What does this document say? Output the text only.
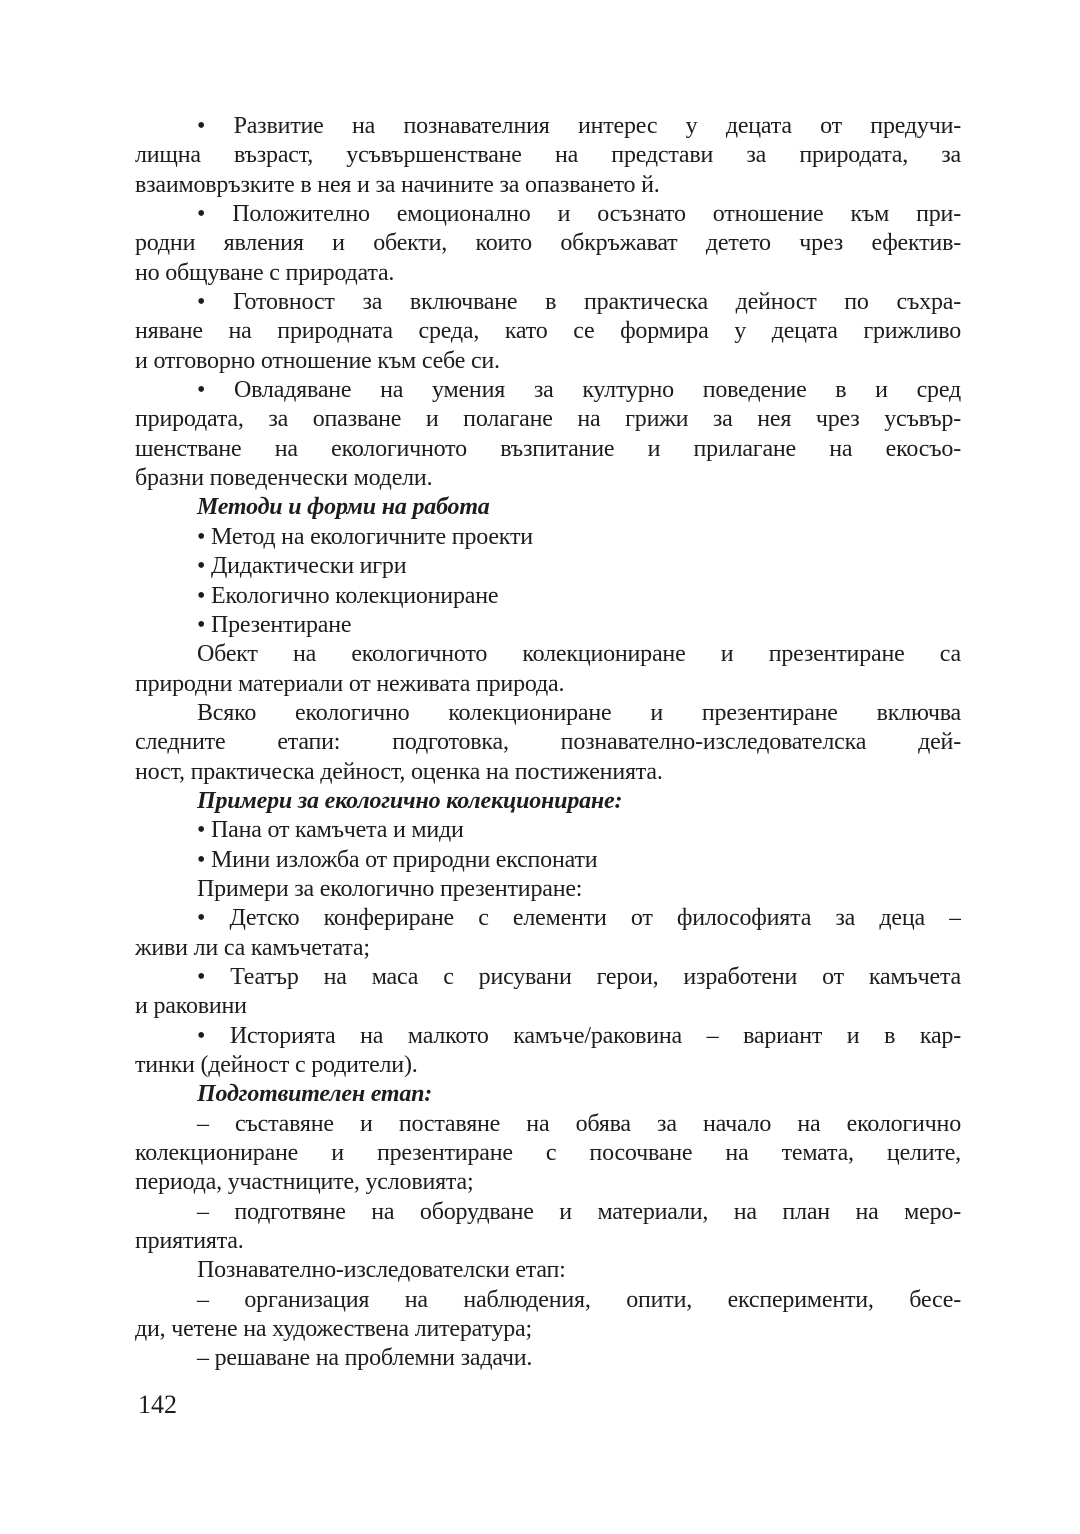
• Развитие на познавателния интерес у децата от предучи-
лищна възраст, усъвършенстване на представи за природата, за
взаимовръзките в нея и за начините за опазването й.
• Положително емоционално и осъзнато отношение към при-
родни явления и обекти, които обкръжават детето чрез ефектив-
но общуване с природата.
• Готовност за включване в практическа дейност по съхра-
няване на природната среда, като се формира у децата грижливо
и отговорно отношение към себе си.
• Овладяване на умения за културно поведение в и сред
природата, за опазване и полагане на грижи за нея чрез усъвър-
шенстване на екологичното възпитание и прилагане на екосъо-
бразни поведенчески модели.
Методи и форми на работа
• Метод на екологичните проекти
• Дидактически игри
• Екологично колекциониране
• Презентиране
Обект на екологичното колекциониране и презентиране са
природни материали от неживата природа.
Всяко екологично колекциониране и презентиране включва
следните етапи: подготовка, познавателно-изследователска дей-
ност, практическа дейност, оценка на постиженията.
Примери за екологично колекциониране:
• Пана от камъчета и миди
• Мини изложба от природни експонати
Примери за екологично презентиране:
• Детско конфериране с елементи от философията за деца –
живи ли са камъчетата;
• Театър на маса с рисувани герои, изработени от камъчета
и раковини
• Историята на малкото камъче/раковина – вариант и в кар-
тинки (дейност с родители).
Подготвителен етап:
– съставяне и поставяне на обява за начало на екологично
колекциониране и презентиране с посочване на темата, целите,
периода, участниците, условията;
– подготвяне на оборудване и материали, на план на меро-
приятията.
Познавателно-изследователски етап:
– организация на наблюдения, опити, експерименти, бесе-
ди, четене на художествена литература;
– решаване на проблемни задачи.
142
